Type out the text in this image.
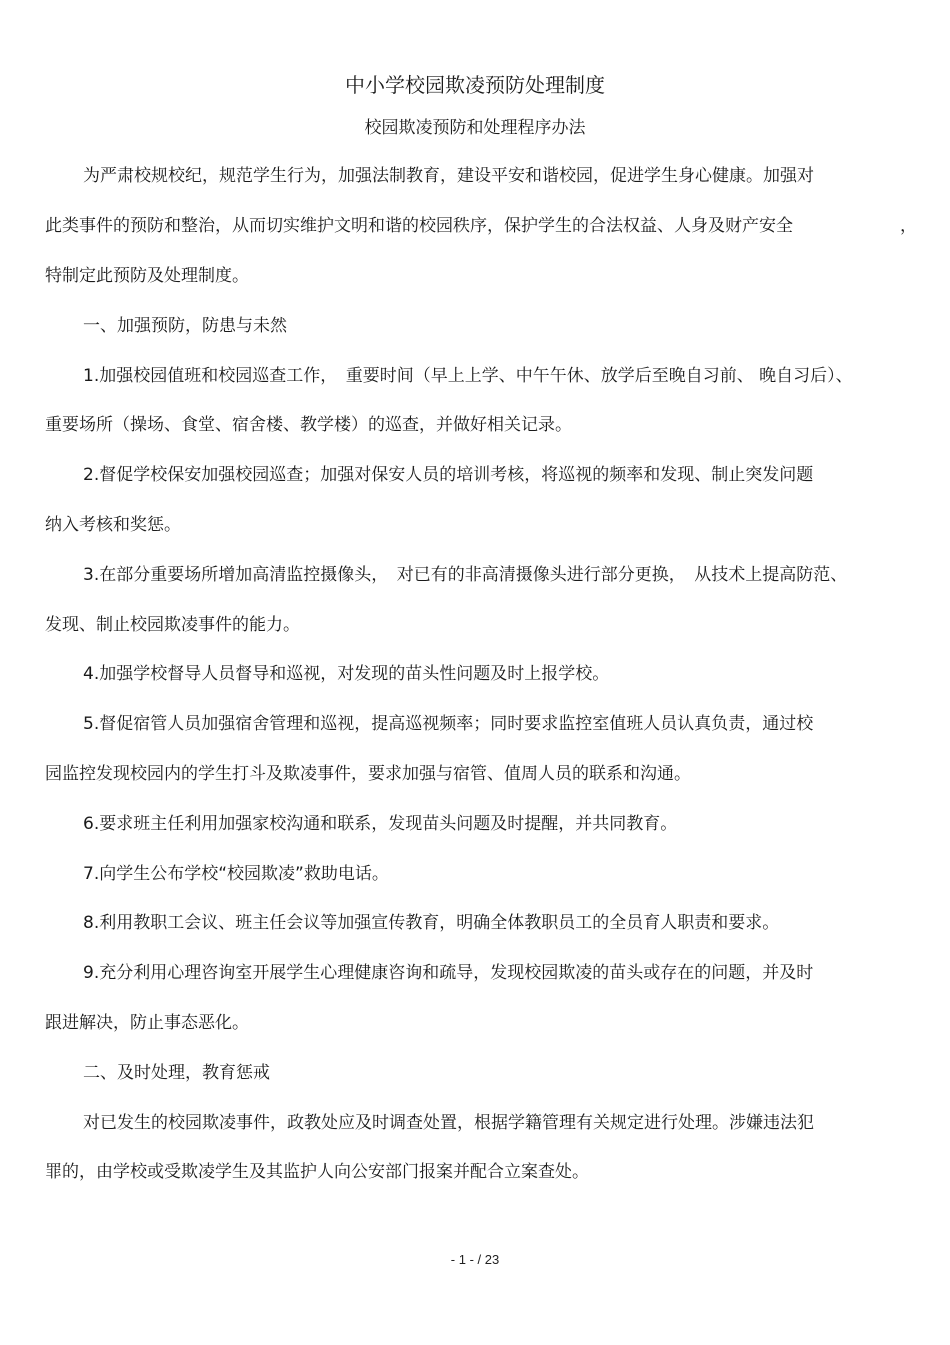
中小学校园欺凌预防处理制度
校园欺凌预防和处理程序办法
为严肃校规校纪，规范学生行为，加强法制教育，建设平安和谐校园，促进学生身心健康。加强对
此类事件的预防和整治，从而切实维护文明和谐的校园秩序，保护学生的合法权益、人身及财产安全	，
特制定此预防及处理制度。
一、加强预防，防患与未然
1.加强校园值班和校园巡查工作，　重要时间（早上上学、中午午休、放学后至晚自习前、 晚自习后）、
重要场所（操场、食堂、宿舍楼、教学楼）的巡查，并做好相关记录。
2.督促学校保安加强校园巡查；加强对保安人员的培训考核，将巡视的频率和发现、制止突发问题
纳入考核和奖惩。
3.在部分重要场所增加高清监控摄像头，　对已有的非高清摄像头进行部分更换，　从技术上提高防范、
发现、制止校园欺凌事件的能力。
4.加强学校督导人员督导和巡视，对发现的苗头性问题及时上报学校。
5.督促宿管人员加强宿舍管理和巡视，提高巡视频率；同时要求监控室值班人员认真负责，通过校
园监控发现校园内的学生打斗及欺凌事件，要求加强与宿管、值周人员的联系和沟通。
6.要求班主任利用加强家校沟通和联系，发现苗头问题及时提醒，并共同教育。
7.向学生公布学校“校园欺凌”救助电话。
8.利用教职工会议、班主任会议等加强宣传教育，明确全体教职员工的全员育人职责和要求。
9.充分利用心理咨询室开展学生心理健康咨询和疏导，发现校园欺凌的苗头或存在的问题，并及时
跟进解决，防止事态恶化。
二、及时处理，教育惩戒
对已发生的校园欺凌事件，政教处应及时调查处置，根据学籍管理有关规定进行处理。涉嫌违法犯
罪的，由学校或受欺凌学生及其监护人向公安部门报案并配合立案查处。
- 1 - / 23
